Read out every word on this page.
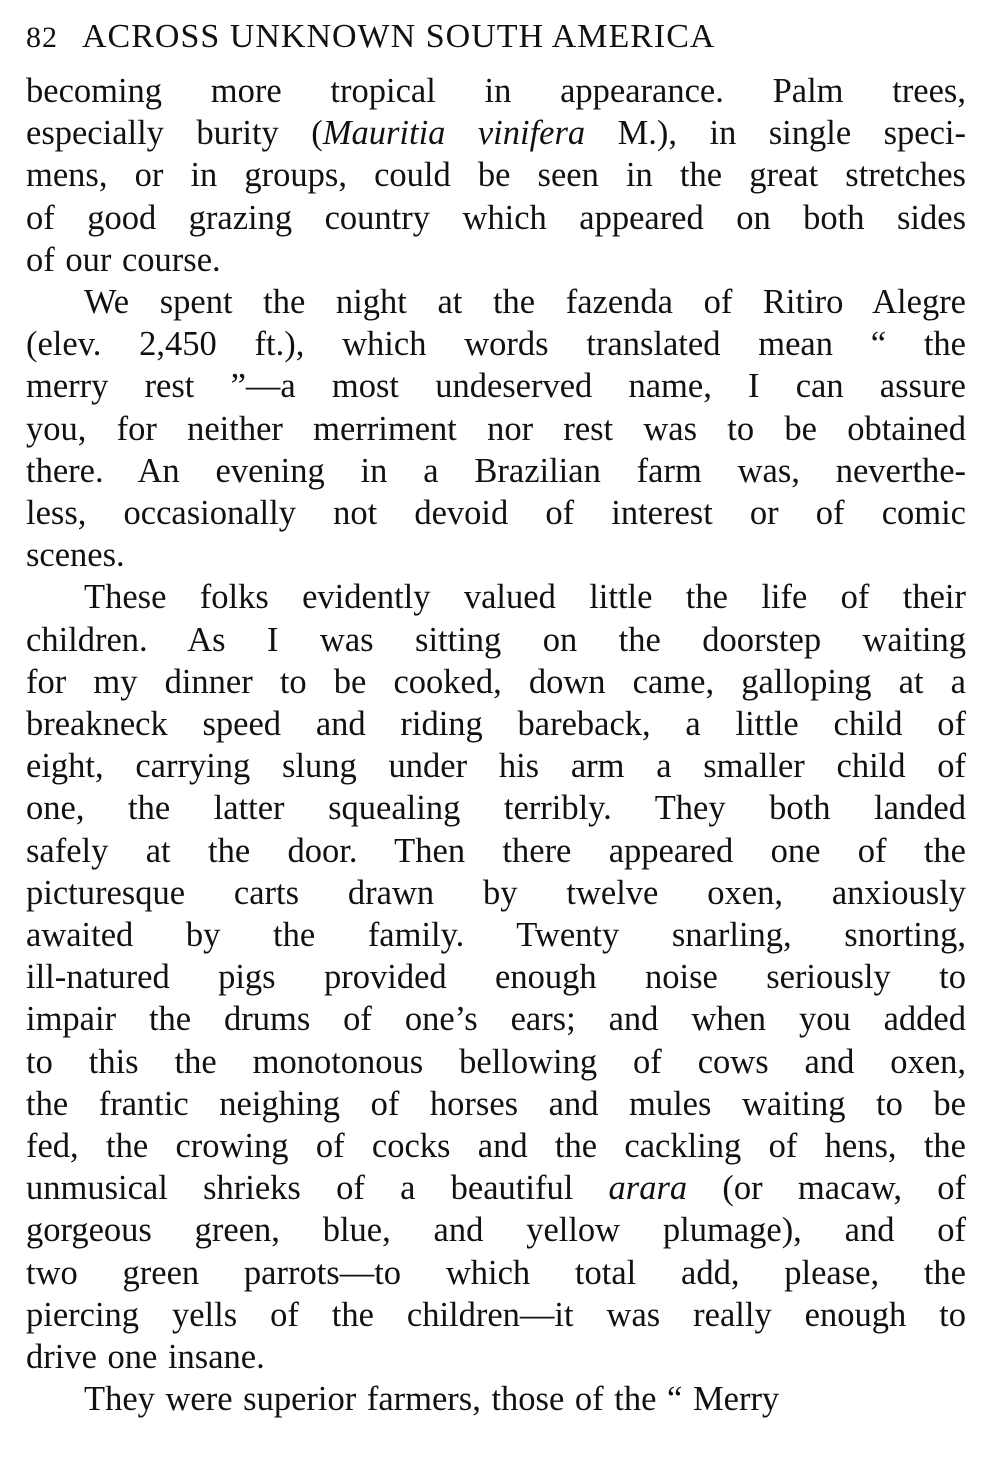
82 ACROSS UNKNOWN SOUTH AMERICA
becoming more tropical in appearance. Palm trees,
especially burity (Mauritia vinifera M.), in single speci-
mens, or in groups, could be seen in the great stretches
of good grazing country which appeared on both sides
of our course.
We spent the night at the fazenda of Ritiro Alegre
(elev. 2,450 ft.), which words translated mean “ the
merry rest ”—a most undeserved name, I can assure
you, for neither merriment nor rest was to be obtained
there. An evening in a Brazilian farm was, neverthe-
less, occasionally not devoid of interest or of comic
scenes.
These folks evidently valued little the life of their
children. As I was sitting on the doorstep waiting
for my dinner to be cooked, down came, galloping at a
breakneck speed and riding bareback, a little child of
eight, carrying slung under his arm a smaller child of
one, the latter squealing terribly. They both landed
safely at the door. Then there appeared one of the
picturesque carts drawn by twelve oxen, anxiously
awaited by the family. Twenty snarling, snorting,
ill-natured pigs provided enough noise seriously to
impair the drums of one’s ears; and when you added
to this the monotonous bellowing of cows and oxen,
the frantic neighing of horses and mules waiting to be
fed, the crowing of cocks and the cackling of hens, the
unmusical shrieks of a beautiful arara (or macaw, of
gorgeous green, blue, and yellow plumage), and of
two green parrots—to which total add, please, the
piercing yells of the children—it was really enough to
drive one insane.
They were superior farmers, those of the “ Merry
